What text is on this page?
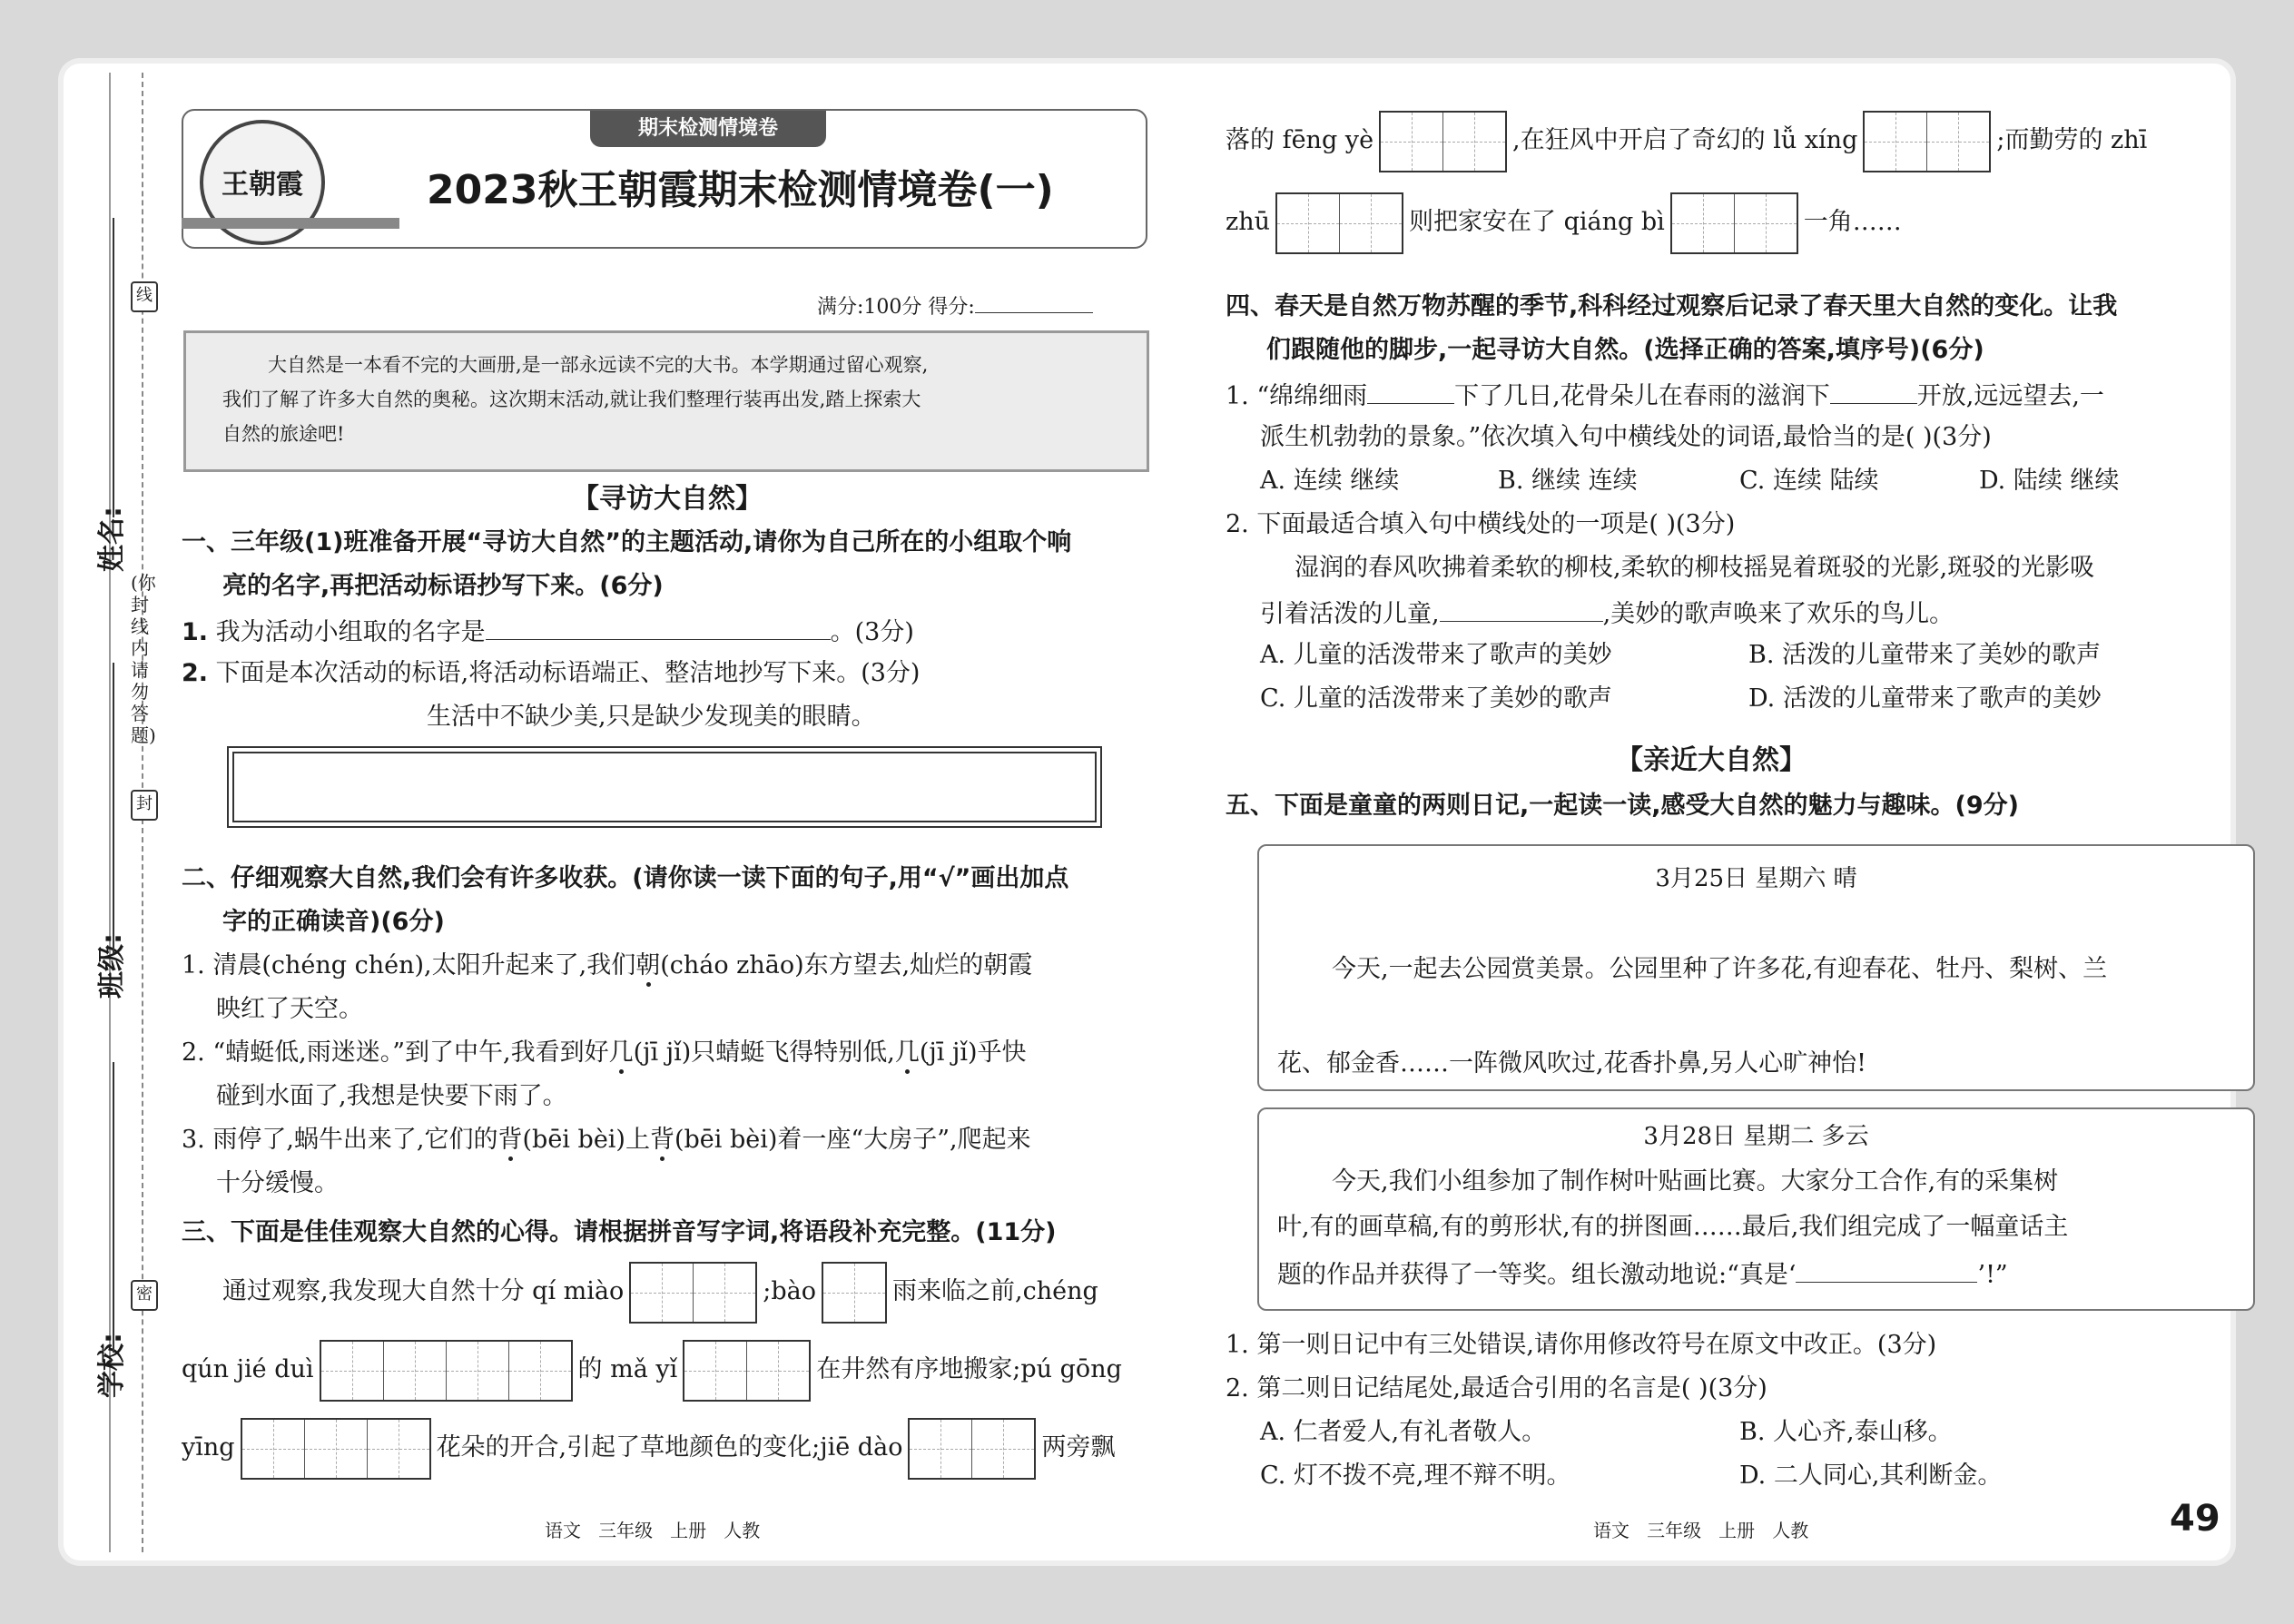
线
封
密
姓名:
班级:
学校:
(你封线内请勿答题)
期末检测情境卷
王朝霞	2023秋王朝霞期末检测情境卷(一)
满分:100分 得分:
大自然是一本看不完的大画册,是一部永远读不完的大书。本学期通过留心观察,
我们了解了许多大自然的奥秘。这次期末活动,就让我们整理行装再出发,踏上探索大
自然的旅途吧!
【寻访大自然】
一、三年级(1)班准备开展“寻访大自然”的主题活动,请你为自己所在的小组取个响
亮的名字,再把活动标语抄写下来。(6分)
1. 我为活动小组取的名字是	。(3分)
2. 下面是本次活动的标语,将活动标语端正、整洁地抄写下来。(3分)
生活中不缺少美,只是缺少发现美的眼睛。
二、仔细观察大自然,我们会有许多收获。(请你读一读下面的句子,用“√”画出加点
字的正确读音)(6分)
1. 清晨(chéng chén),太阳升起来了,我们朝(cháo zhāo)东方望去,灿烂的朝霞
映红了天空。
2. “蜻蜓低,雨迷迷。”到了中午,我看到好几(jī jǐ)只蜻蜓飞得特别低,几(jī jǐ)乎快
碰到水面了,我想是快要下雨了。
3. 雨停了,蜗牛出来了,它们的背(bēi bèi)上背(bēi bèi)着一座“大房子”,爬起来
十分缓慢。
三、下面是佳佳观察大自然的心得。请根据拼音写字词,将语段补充完整。(11分)
通过观察,我发现大自然十分 qí miào	;bào	雨来临之前,chéng
qún jié duì	的 mǎ yǐ	在井然有序地搬家;pú gōng
yīng	花朵的开合,引起了草地颜色的变化;jiē dào	两旁飘
落的 fēng yè	,在狂风中开启了奇幻的 lǚ xíng	;而勤劳的 zhī
zhū	则把家安在了 qiáng bì	一角……
四、春天是自然万物苏醒的季节,科科经过观察后记录了春天里大自然的变化。让我
们跟随他的脚步,一起寻访大自然。(选择正确的答案,填序号)(6分)
1. “绵绵细雨	下了几日,花骨朵儿在春雨的滋润下	开放,远远望去,一
派生机勃勃的景象。”依次填入句中横线处的词语,最恰当的是( )(3分)
A. 连续 继续	B. 继续 连续	C. 连续 陆续	D. 陆续 继续
2. 下面最适合填入句中横线处的一项是( )(3分)
湿润的春风吹拂着柔软的柳枝,柔软的柳枝摇晃着斑驳的光影,斑驳的光影吸
引着活泼的儿童,	,美妙的歌声唤来了欢乐的鸟儿。
A. 儿童的活泼带来了歌声的美妙	B. 活泼的儿童带来了美妙的歌声
C. 儿童的活泼带来了美妙的歌声	D. 活泼的儿童带来了歌声的美妙
【亲近大自然】
五、下面是童童的两则日记,一起读一读,感受大自然的魅力与趣味。(9分)
3月25日 星期六 晴
今天,一起去公园赏美景。公园里种了许多花,有迎春花、牡丹、梨树、兰
花、郁金香……一阵微风吹过,花香扑鼻,另人心旷神怡!
3月28日 星期二 多云
今天,我们小组参加了制作树叶贴画比赛。大家分工合作,有的采集树
叶,有的画草稿,有的剪形状,有的拼图画……最后,我们组完成了一幅童话主
题的作品并获得了一等奖。组长激动地说:“真是‘	’!”
1. 第一则日记中有三处错误,请你用修改符号在原文中改正。(3分)
2. 第二则日记结尾处,最适合引用的名言是( )(3分)
A. 仁者爱人,有礼者敬人。	B. 人心齐,泰山移。
C. 灯不拨不亮,理不辩不明。	D. 二人同心,其利断金。
语文   三年级   上册   人教	语文   三年级   上册   人教	49
